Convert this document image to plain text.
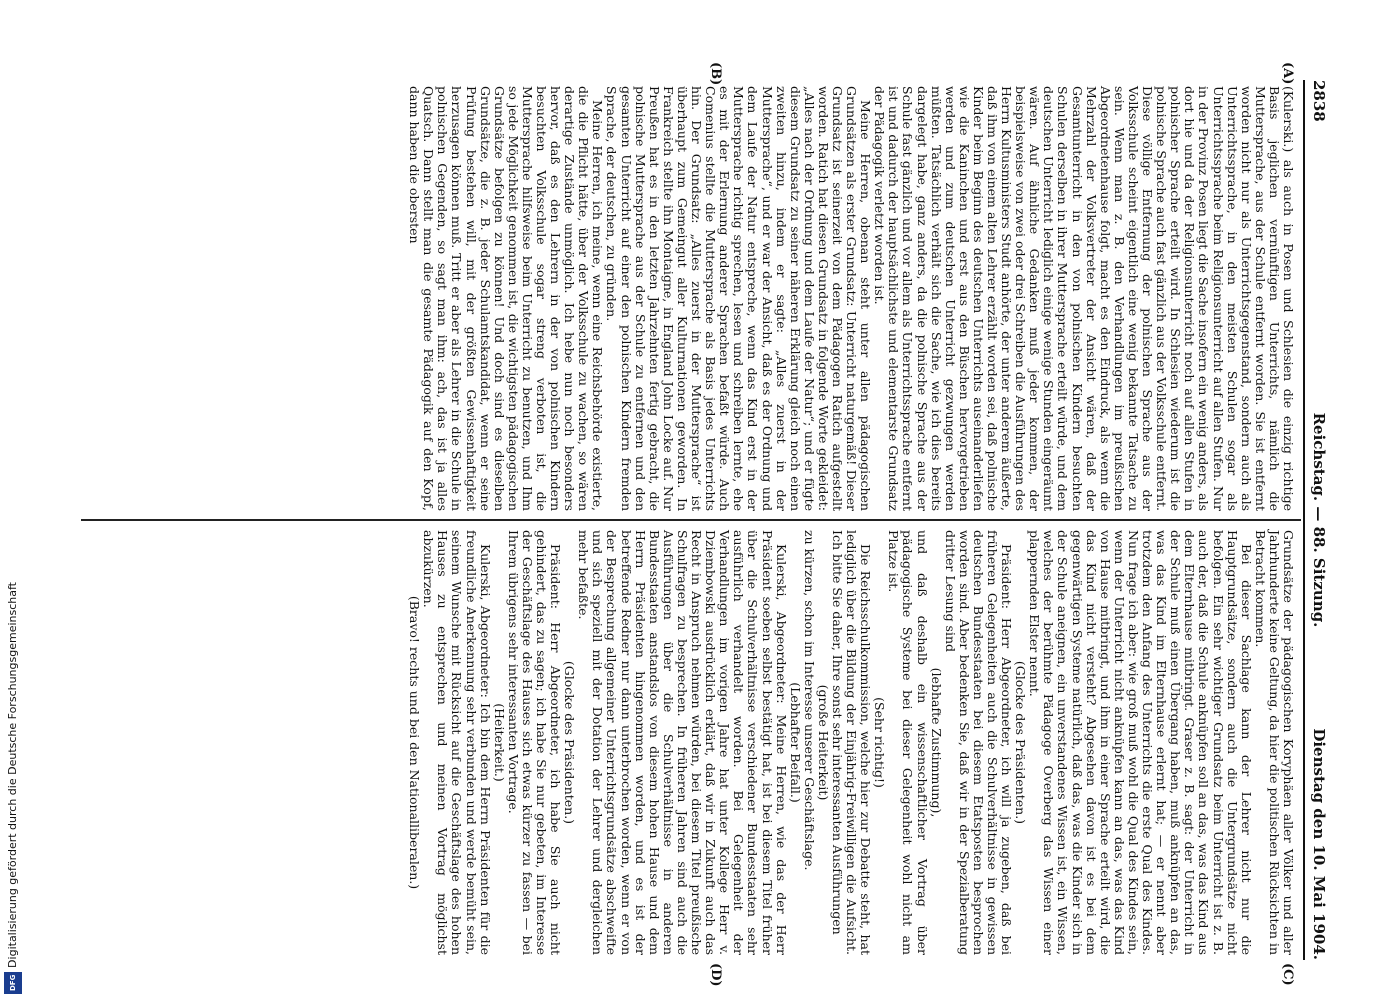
2838
Reichstag. — 88. Sitzung.
Dienstag den 10. Mai 1904.
(A)
(B)
(C)
(D)

(Kulerski.) als auch in Posen und Schlesien die einzig richtige Basis jeglichen vernünftigen Unterrichts, nämlich die Muttersprache, aus der Schule entfernt worden. Sie ist entfernt worden nicht nur als Unterrichtsgegenstand, sondern auch als Unterrichtssprache, in den meisten Schulen sogar als Unterrichtssprache beim Religionsunterricht auf allen Stufen. Nur in der Provinz Posen liegt die Sache insofern ein wenig anders, als dort hie und da der Religionsunterricht noch auf allen Stufen in polnischer Sprache erteilt wird. In Schlesien wiederum ist die polnische Sprache auch fast gänzlich aus der Volksschule entfernt. Diese völlige Entfernung der polnischen Sprache aus der Volksschule scheint eigentlich eine wenig bekannte Tatsache zu sein. Wenn man z. B. den Verhandlungen im preußischen Abgeordnetenhause folgt, macht es den Eindruck, als wenn die Mehrzahl der Volksvertreter der Ansicht wären, daß der Gesamtunterricht in den von polnischen Kindern besuchten Schulen derselben in ihrer Muttersprache erteilt würde, und dem deutschen Unterricht lediglich einige wenige Stunden eingeräumt wären. Auf ähnliche Gedanken muß jeder kommen, der beispielsweise von zwei oder drei Schreiben die Ausführungen des Herrn Kultusministers Studt anhörte, der unter anderem äußerte, daß ihm von einem alten Lehrer erzählt worden sei, daß polnische Kinder beim Beginn des deutschen Unterrichts auseinanderliefen wie die Kaninchen und erst aus den Büschen hervorgetrieben werden und zum deutschen Unterricht gezwungen werden müßten. Tatsächlich verhält sich die Sache, wie ich dies bereits dargelegt habe, ganz anders, da die polnische Sprache aus der Schule fast gänzlich und vor allem als Unterrichtssprache entfernt ist und dadurch der hauptsächlichste und elementarste Grundsatz der Pädagogik verletzt worden ist.

Meine Herren, obenan steht unter allen pädagogischen Grundsätzen als erster Grundsatz: Unterricht naturgemäß! Dieser Grundsatz ist seinerzeit von dem Pädagogen Ratich aufgestellt worden. Ratich hat diesen Grundsatz in folgende Worte gekleidet: „Alles nach der Ordnung und dem Laufe der Natur“; und er fügte diesem Grundsatz zu seiner näheren Erklärung gleich noch einen zweiten hinzu, indem er sagte: „Alles zuerst in der Muttersprache“, und er war der Ansicht, daß es der Ordnung und dem Laufe der Natur entspreche, wenn das Kind erst in der Muttersprache richtig sprechen, lesen und schreiben lernte, ehe es mit der Erlernung anderer Sprachen befaßt würde. Auch Comenius stellte die Muttersprache als Basis jedes Unterrichts hin. Der Grundsatz: „Alles zuerst in der Muttersprache“ ist überhaupt zum Gemeingut aller Kulturnationen geworden. In Frankreich stellte ihn Montaigne, in England John Locke auf. Nur Preußen hat es in den letzten Jahrzehnten fertig gebracht, die polnische Muttersprache aus der Schule zu entfernen und den gesamten Unterricht auf einer den polnischen Kindern fremden Sprache, der deutschen, zu gründen.

Meine Herren, ich meine, wenn eine Reichsbehörde existierte, die die Pflicht hätte, über der Volksschule zu wachen, so wären derartige Zustände unmöglich. Ich hebe nun noch besonders hervor, daß es den Lehrern in der von polnischen Kindern besuchten Volksschule sogar streng verboten ist, die Muttersprache hilfsweise beim Unterricht zu benutzen, und Ihm so jede Möglichkeit genommen ist, die wichtigsten pädagogischen Grundsätze befolgen zu können! Und doch sind es dieselben Grundsätze, die z. B. jeder Schulamtskandidat, wenn er seine Prüfung bestehen will, mit der größten Gewissenhaftigkeit herzusagen können muß. Tritt er aber als Lehrer in die Schule in polnischen Gegenden, so sagt man ihm: ach, das ist ja alles Quatsch. Dann stellt man die gesamte Pädagogik auf den Kopf, dann haben die obersten

Grundsätze der pädagogischen Koryphäen aller Völker und aller Jahrhunderte keine Geltung, da hier die politischen Rücksichten in Betracht kommen.

Bei dieser Sachlage kann der Lehrer nicht nur die Hauptgrundsätze, sondern auch die Untergrundsätze nicht befolgen. Ein sehr wichtiger Grundsatz beim Unterricht ist z. B. auch der, daß die Schule anknüpfen soll an das, was das Kind aus dem Elternhause mitbringt. Graser z. B. sagt: der Unterricht in der Schule muß einen Übergang haben, muß anknüpfen an das, was das Kind im Elternhause erlernt hat; — er nennt aber trotzdem den Anfang des Unterrichts die erste Qual des Kindes. Nun frage ich aber: wie groß muß wohl die Qual des Kindes sein, wenn der Unterricht nicht anknüpfen kann an das, was das Kind von Hause mitbringt, und ihm in einer Sprache erteilt wird, die das Kind nicht versteht? Abgesehen davon ist es bei dem gegenwärtigen Systeme natürlich, daß das, was die Kinder sich in der Schule aneignen, ein unverstandenes Wissen ist, ein Wissen, welches der berühmte Pädagoge Overberg das Wissen einer plappernden Elster nennt.

(Glocke des Präsidenten.)

Präsident: Herr Abgeordneter, ich will ja zugeben, daß bei früheren Gelegenheiten auch die Schulverhältnisse in gewissen deutschen Bundesstaaten bei diesem Etatsposten besprochen worden sind. Aber bedenken Sie, daß wir in der Spezialberatung dritter Lesung sind

(lebhafte Zustimmung),

und daß deshalb ein wissenschaftlicher Vortrag über pädagogische Systeme bei dieser Gelegenheit wohl nicht am Platze ist.

(Sehr richtig!)

Die Reichsschulkommission, welche hier zur Debatte steht, hat lediglich über die Bildung der Einjährig-Freiwilligen die Aufsicht. Ich bitte Sie daher, Ihre sonst sehr interessanten Ausführungen

(große Heiterkeit)

zu kürzen, schon im Interesse unserer Geschäftslage.

(Lebhafter Beifall.)

Kulerski, Abgeordneter: Meine Herren, wie das der Herr Präsident soeben selbst bestätigt hat, ist bei diesem Titel früher über die Schulverhältnisse verschiedener Bundesstaaten sehr ausführlich verhandelt worden. Bei Gelegenheit der Verhandlungen im vorigen Jahre hat unter Kollege Herr v. Dziembowski ausdrücklich erklärt, daß wir in Zukunft auch das Recht in Anspruch nehmen würden, bei diesem Titel preußische Schulfragen zu besprechen. In früheren Jahren sind auch die Ausführungen über die Schulverhältnisse in anderen Bundesstaaten anstandslos von diesem hohen Hause und dem Herrn Präsidenten hingenommen worden, und es ist der betreffende Redner nur dann unterbrochen worden, wenn er von der Besprechung allgemeiner Unterrichtsgrundsätze abschweifte und sich speziell mit der Dotation der Lehrer und dergleichen mehr befaßte.

(Glocke des Präsidenten.)

Präsident: Herr Abgeordneter, ich habe Sie auch nicht gehindert, das zu sagen; ich habe Sie nur gebeten, im Interesse der Geschäftslage des Hauses sich etwas kürzer zu fassen — bei Ihrem übrigens sehr interessanten Vortrage.

(Heiterkeit.)

Kulerski, Abgeordneter: Ich bin dem Herrn Präsidenten für die freundliche Anerkennung sehr verbunden und werde bemüht sein, seinem Wunsche mit Rücksicht auf die Geschäftslage des hohen Hauses zu entsprechen und meinen Vortrag möglichst abzukürzen.

(Bravo! rechts und bei den Nationalliberalen.)

Digitalisierung gefördert durch die Deutsche Forschungsgemeinschaft
DFG
